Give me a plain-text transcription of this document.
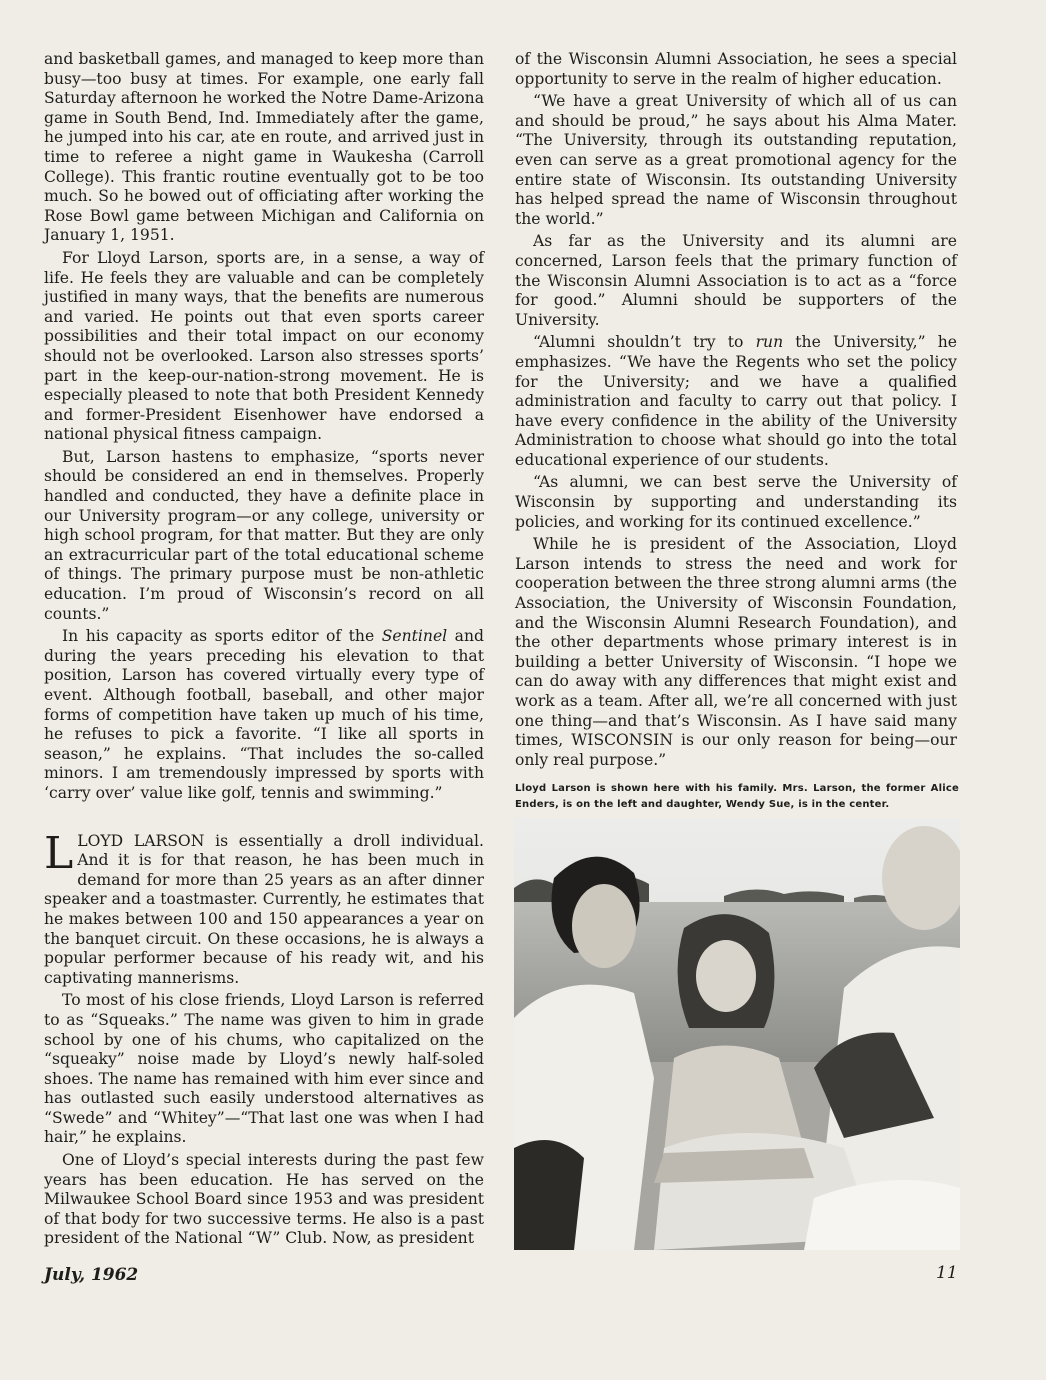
and basketball games, and managed to keep more than busy—too busy at times. For example, one early fall Saturday afternoon he worked the Notre Dame-Arizona game in South Bend, Ind. Immediately after the game, he jumped into his car, ate en route, and arrived just in time to referee a night game in Waukesha (Carroll College). This frantic routine eventually got to be too much. So he bowed out of officiating after working the Rose Bowl game between Michigan and California on January 1, 1951.

For Lloyd Larson, sports are, in a sense, a way of life. He feels they are valuable and can be completely justified in many ways, that the benefits are numerous and varied. He points out that even sports career possibilities and their total impact on our economy should not be overlooked. Larson also stresses sports’ part in the keep-our-nation-strong movement. He is especially pleased to note that both President Kennedy and former-President Eisenhower have endorsed a national physical fitness campaign.

But, Larson hastens to emphasize, “sports never should be considered an end in themselves. Properly handled and conducted, they have a definite place in our University program—or any college, university or high school program, for that matter. But they are only an extracurricular part of the total educational scheme of things. The primary purpose must be non-athletic education. I’m proud of Wisconsin’s record on all counts.”

In his capacity as sports editor of the Sentinel and during the years preceding his elevation to that position, Larson has covered virtually every type of event. Although football, baseball, and other major forms of competition have taken up much of his time, he refuses to pick a favorite. “I like all sports in season,” he explains. “That includes the so-called minors. I am tremendously impressed by sports with ‘carry over’ value like golf, tennis and swimming.”

LLOYD LARSON is essentially a droll individual. And it is for that reason, he has been much in demand for more than 25 years as an after dinner speaker and a toastmaster. Currently, he estimates that he makes between 100 and 150 appearances a year on the banquet circuit. On these occasions, he is always a popular performer because of his ready wit, and his captivating mannerisms.

To most of his close friends, Lloyd Larson is referred to as “Squeaks.” The name was given to him in grade school by one of his chums, who capitalized on the “squeaky” noise made by Lloyd’s newly half-soled shoes. The name has remained with him ever since and has outlasted such easily understood alternatives as “Swede” and “Whitey”—“That last one was when I had hair,” he explains.

One of Lloyd’s special interests during the past few years has been education. He has served on the Milwaukee School Board since 1953 and was president of that body for two successive terms. He also is a past president of the National “W” Club. Now, as president

of the Wisconsin Alumni Association, he sees a special opportunity to serve in the realm of higher education.

“We have a great University of which all of us can and should be proud,” he says about his Alma Mater. “The University, through its outstanding reputation, even can serve as a great promotional agency for the entire state of Wisconsin. Its outstanding University has helped spread the name of Wisconsin throughout the world.”

As far as the University and its alumni are concerned, Larson feels that the primary function of the Wisconsin Alumni Association is to act as a “force for good.” Alumni should be supporters of the University.

“Alumni shouldn’t try to run the University,” he emphasizes. “We have the Regents who set the policy for the University; and we have a qualified administration and faculty to carry out that policy. I have every confidence in the ability of the University Administration to choose what should go into the total educational experience of our students.

“As alumni, we can best serve the University of Wisconsin by supporting and understanding its policies, and working for its continued excellence.”

While he is president of the Association, Lloyd Larson intends to stress the need and work for cooperation between the three strong alumni arms (the Association, the University of Wisconsin Foundation, and the Wisconsin Alumni Research Foundation), and the other departments whose primary interest is in building a better University of Wisconsin. “I hope we can do away with any differences that might exist and work as a team. After all, we’re all concerned with just one thing—and that’s Wisconsin. As I have said many times, WISCONSIN is our only reason for being—our only real purpose.”

Lloyd Larson is shown here with his family. Mrs. Larson, the former Alice Enders, is on the left and daughter, Wendy Sue, is in the center.
July, 1962	11
